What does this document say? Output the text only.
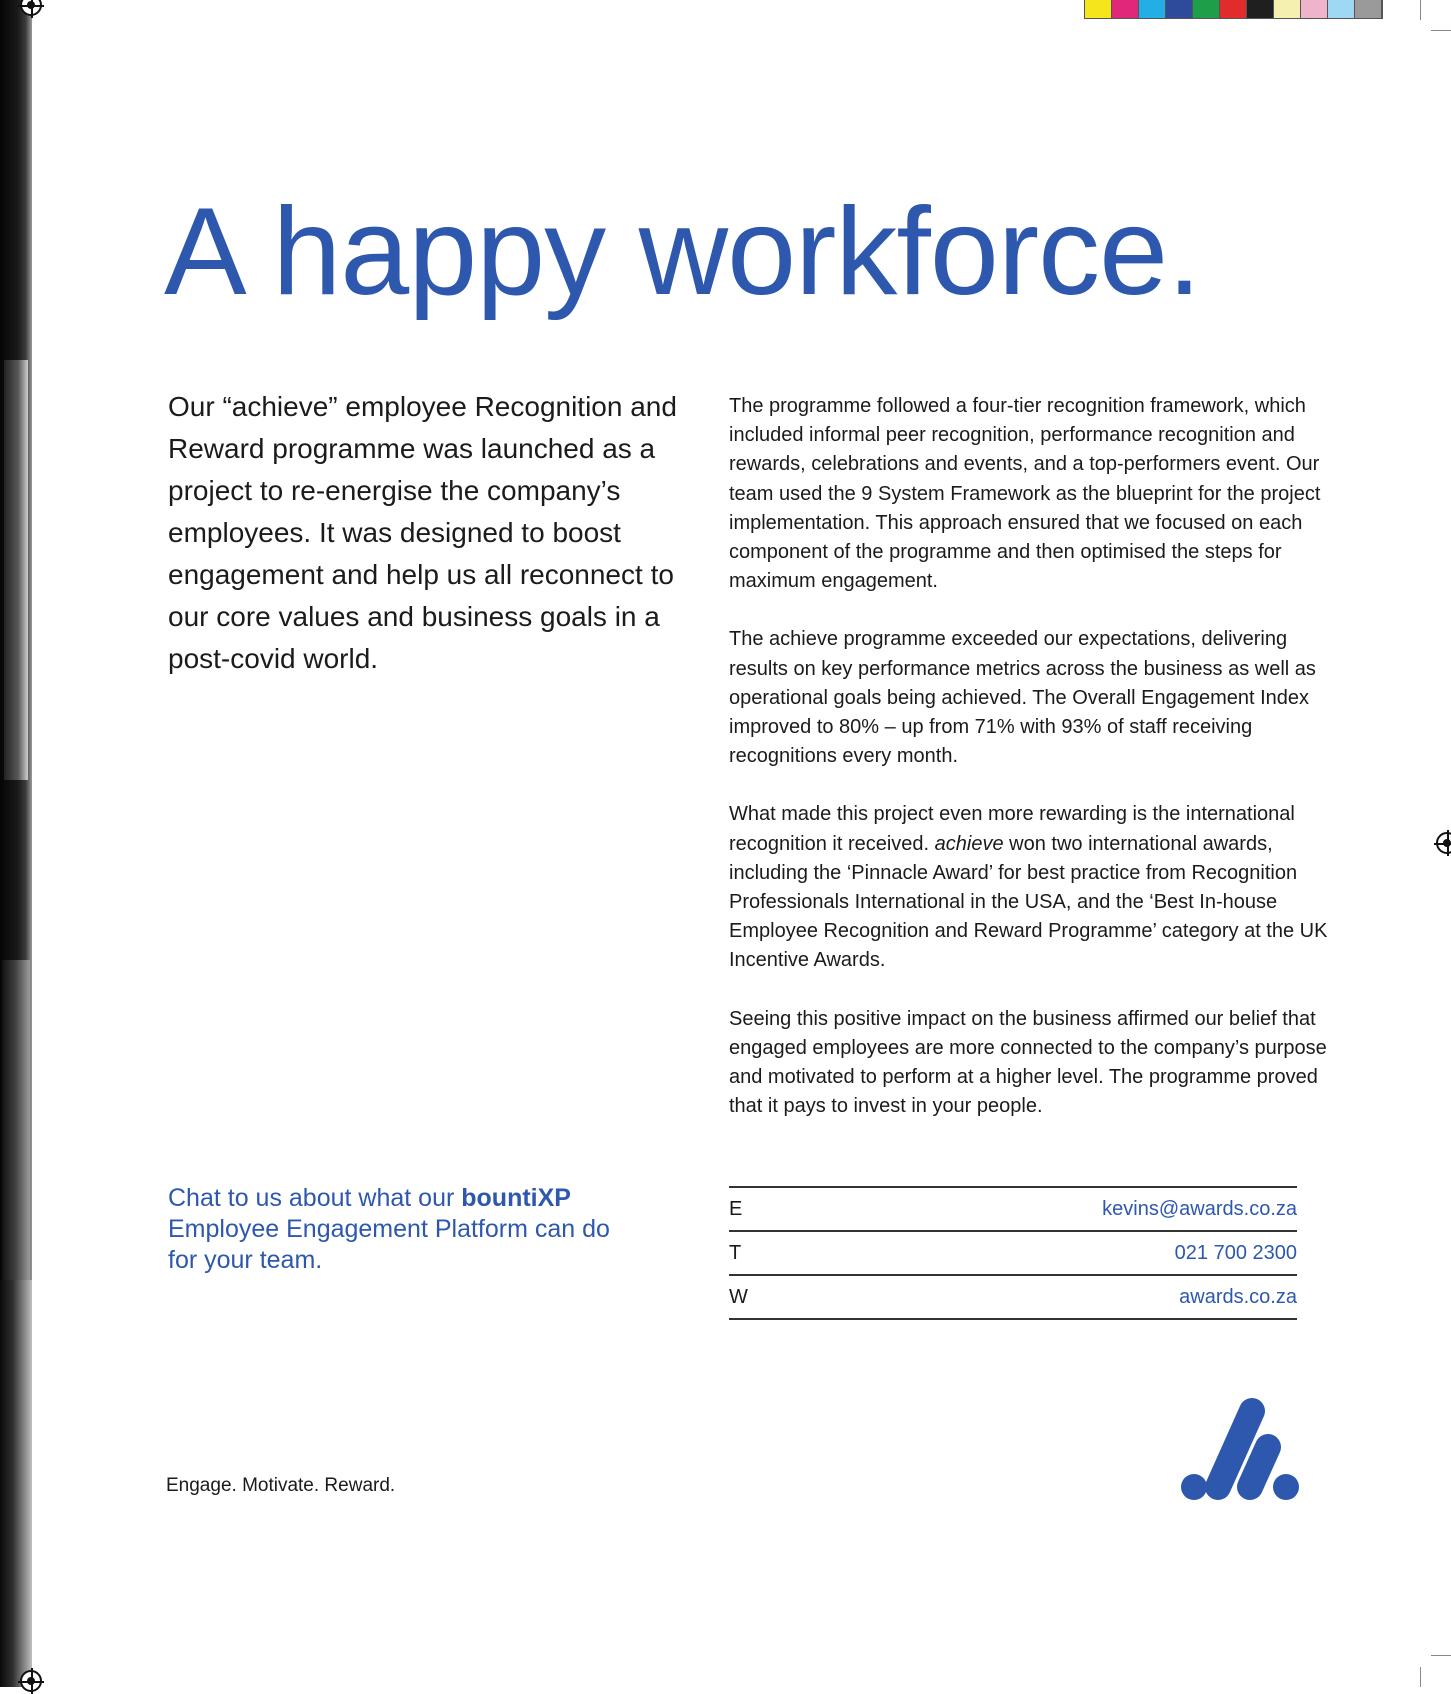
A happy workforce.

Our “achieve” employee Recognition and Reward programme was launched as a project to re-energise the company’s employees. It was designed to boost engagement and help us all reconnect to our core values and business goals in a post-covid world.

The programme followed a four-tier recognition framework, which included informal peer recognition, performance recognition and rewards, celebrations and events, and a top-performers event. Our team used the 9 System Framework as the blueprint for the project implementation. This approach ensured that we focused on each component of the programme and then optimised the steps for maximum engagement.

The achieve programme exceeded our expectations, delivering results on key performance metrics across the business as well as operational goals being achieved. The Overall Engagement Index improved to 80% – up from 71% with 93% of staff receiving recognitions every month.

What made this project even more rewarding is the international recognition it received. achieve won two international awards, including the ‘Pinnacle Award’ for best practice from Recognition Professionals International in the USA, and the ‘Best In-house Employee Recognition and Reward Programme’ category at the UK Incentive Awards.

Seeing this positive impact on the business affirmed our belief that engaged employees are more connected to the company’s purpose and motivated to perform at a higher level. The programme proved that it pays to invest in your people.

Chat to us about what our bountiXP Employee Engagement Platform can do for your team.

E	kevins@awards.co.za
T	021 700 2300
W	awards.co.za

Engage. Motivate. Reward.
